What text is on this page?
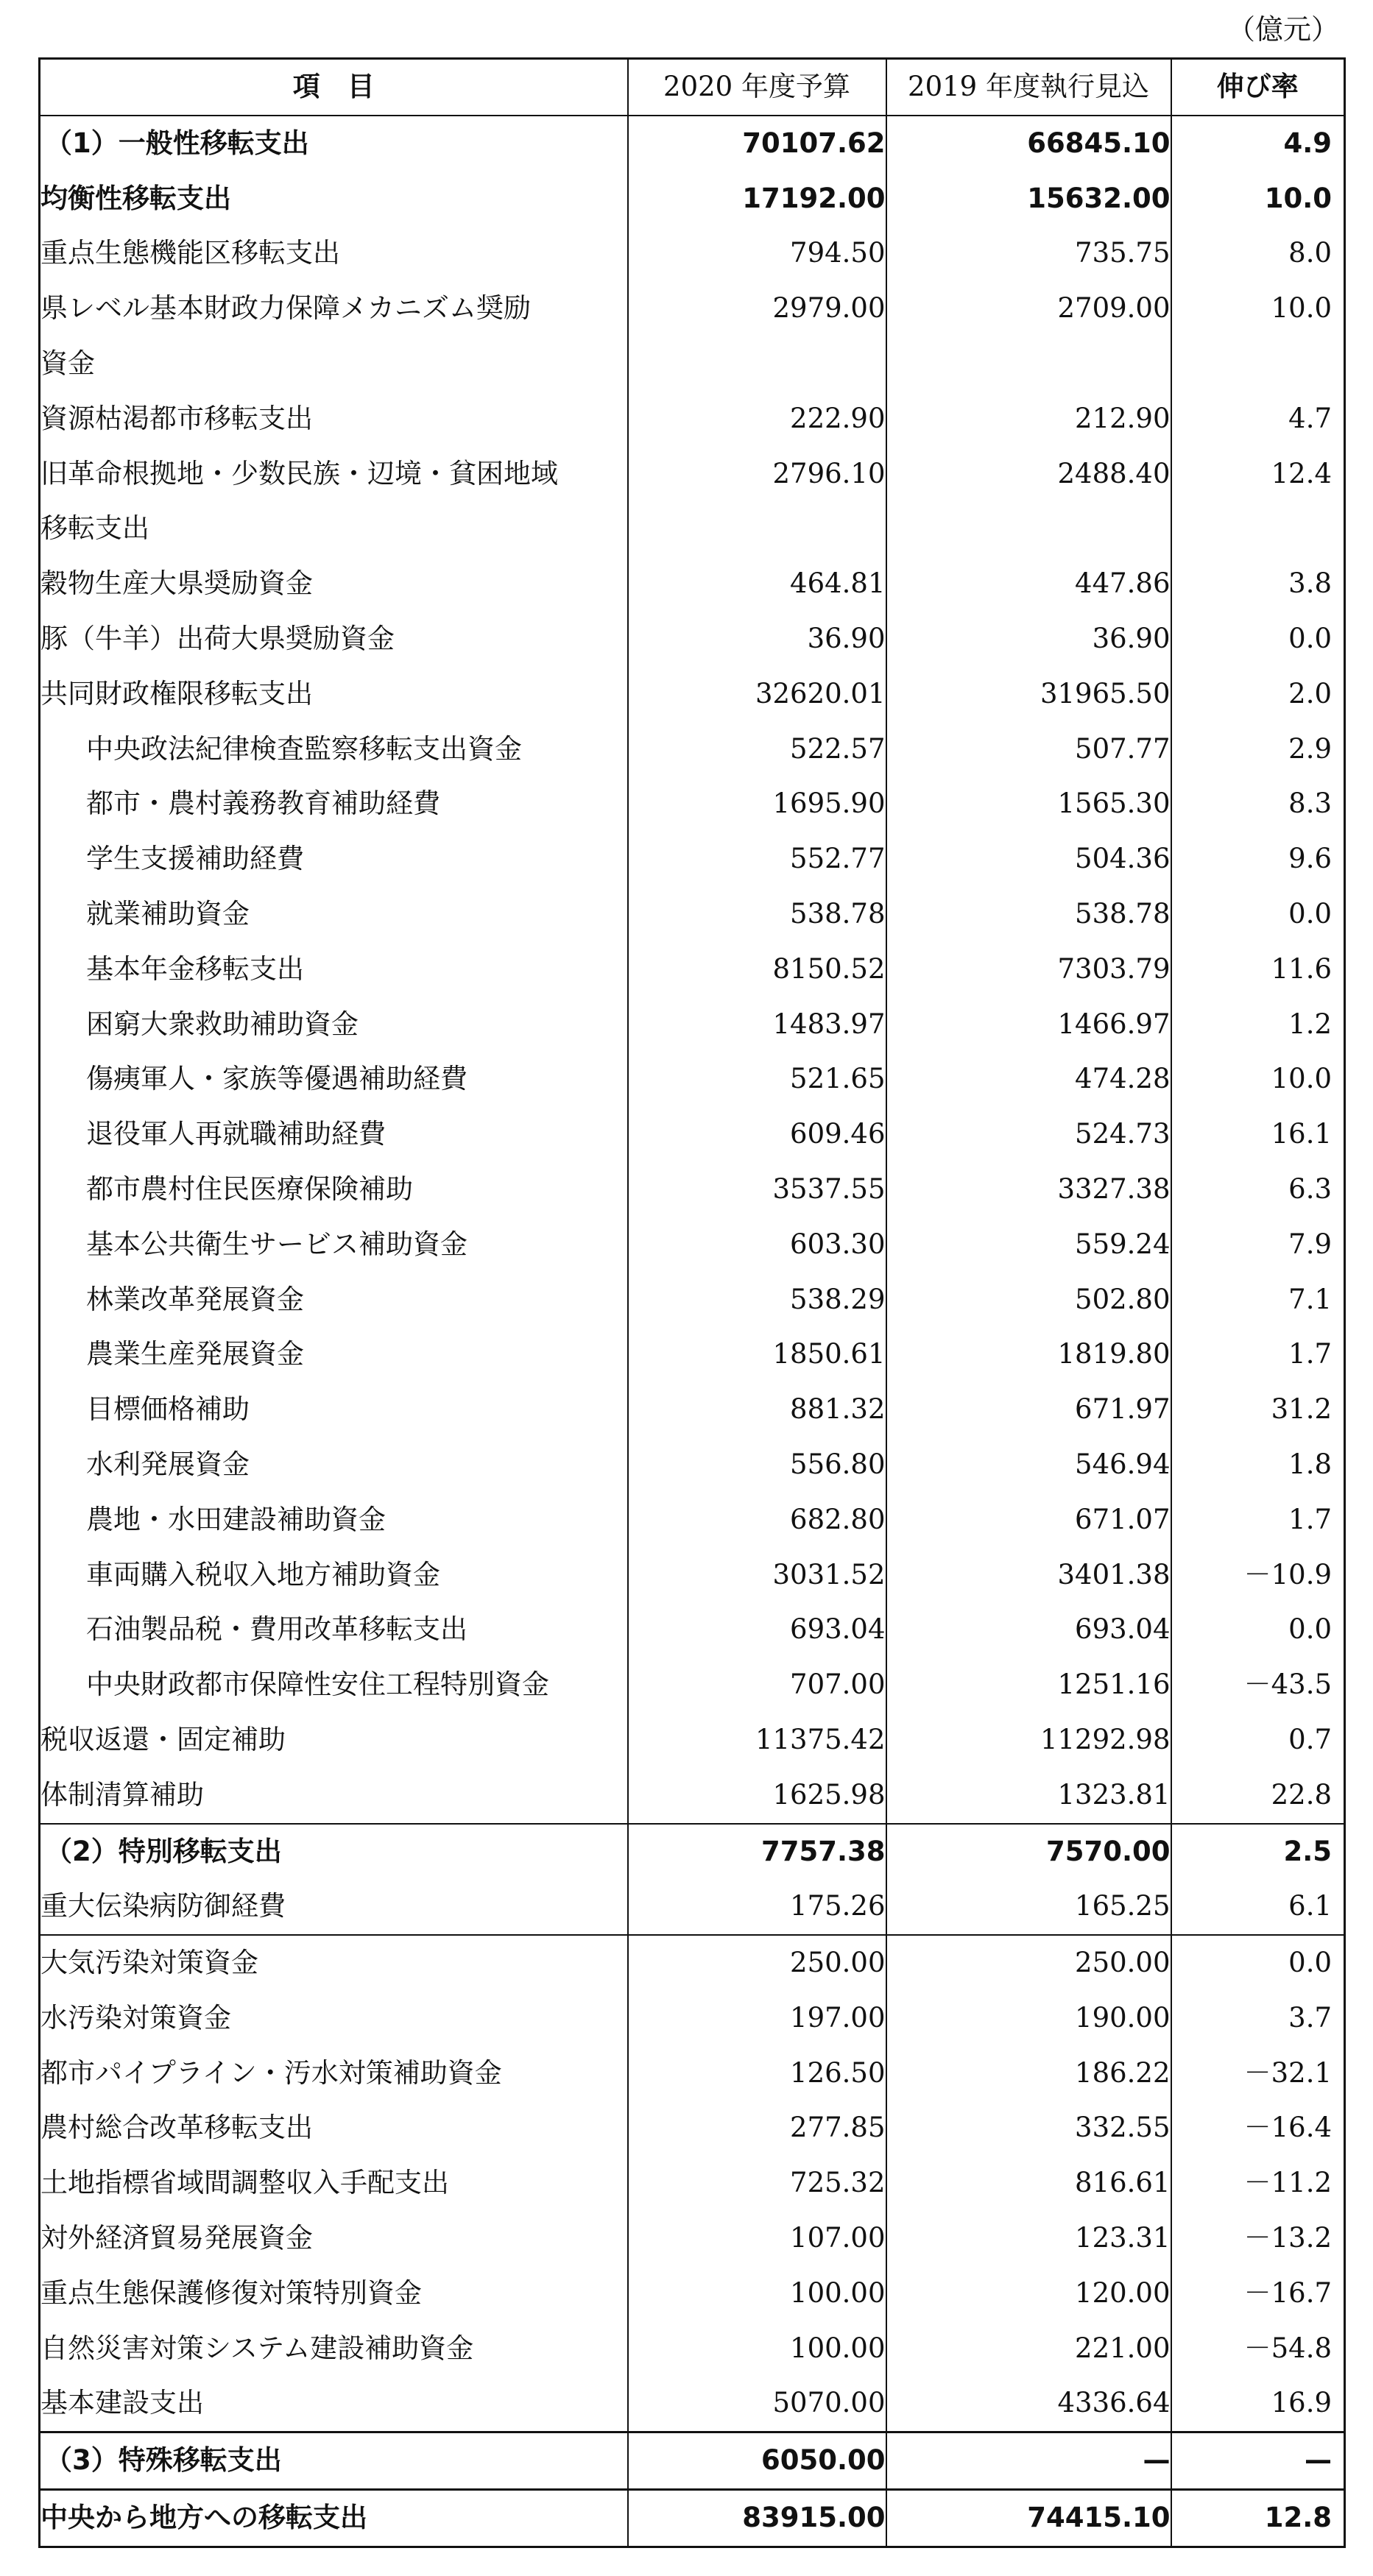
（億元）
項　目	2020 年度予算	2019 年度執行見込	伸び率
（1）一般性移転支出	70107.62	66845.10	4.9
均衡性移転支出	17192.00	15632.00	10.0
重点生態機能区移転支出	794.50	735.75	8.0
県レベル基本財政力保障メカニズム奨励	2979.00	2709.00	10.0
資金			
資源枯渇都市移転支出	222.90	212.90	4.7
旧革命根拠地・少数民族・辺境・貧困地域	2796.10	2488.40	12.4
移転支出			
穀物生産大県奨励資金	464.81	447.86	3.8
豚（牛羊）出荷大県奨励資金	36.90	36.90	0.0
共同財政権限移転支出	32620.01	31965.50	2.0
中央政法紀律検査監察移転支出資金	522.57	507.77	2.9
都市・農村義務教育補助経費	1695.90	1565.30	8.3
学生支援補助経費	552.77	504.36	9.6
就業補助資金	538.78	538.78	0.0
基本年金移転支出	8150.52	7303.79	11.6
困窮大衆救助補助資金	1483.97	1466.97	1.2
傷痍軍人・家族等優遇補助経費	521.65	474.28	10.0
退役軍人再就職補助経費	609.46	524.73	16.1
都市農村住民医療保険補助	3537.55	3327.38	6.3
基本公共衛生サービス補助資金	603.30	559.24	7.9
林業改革発展資金	538.29	502.80	7.1
農業生産発展資金	1850.61	1819.80	1.7
目標価格補助	881.32	671.97	31.2
水利発展資金	556.80	546.94	1.8
農地・水田建設補助資金	682.80	671.07	1.7
車両購入税収入地方補助資金	3031.52	3401.38	－10.9
石油製品税・費用改革移転支出	693.04	693.04	0.0
中央財政都市保障性安住工程特別資金	707.00	1251.16	－43.5
税収返還・固定補助	11375.42	11292.98	0.7
体制清算補助	1625.98	1323.81	22.8
（2）特別移転支出	7757.38	7570.00	2.5
重大伝染病防御経費	175.26	165.25	6.1
大気汚染対策資金	250.00	250.00	0.0
水汚染対策資金	197.00	190.00	3.7
都市パイプライン・汚水対策補助資金	126.50	186.22	－32.1
農村総合改革移転支出	277.85	332.55	－16.4
土地指標省域間調整収入手配支出	725.32	816.61	－11.2
対外経済貿易発展資金	107.00	123.31	－13.2
重点生態保護修復対策特別資金	100.00	120.00	－16.7
自然災害対策システム建設補助資金	100.00	221.00	－54.8
基本建設支出	5070.00	4336.64	16.9
（3）特殊移転支出	6050.00	—	—
中央から地方への移転支出	83915.00	74415.10	12.8
